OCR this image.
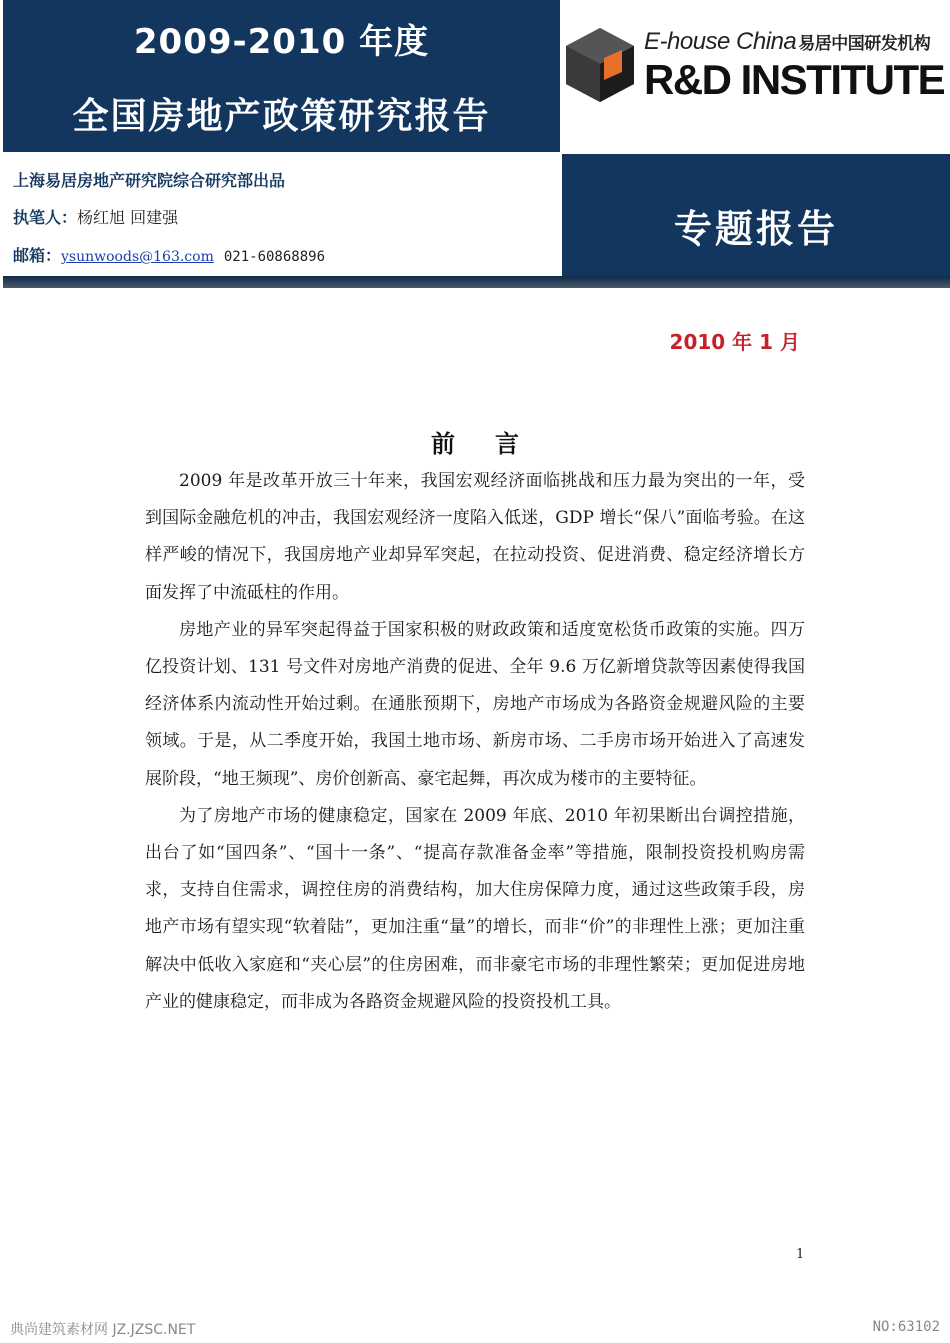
2009-2010 年度
全国房地产政策研究报告
E-house China 易居中国研发机构
R&D INSTITUTE
上海易居房地产研究院综合研究部出品
执笔人：杨红旭 回建强
邮箱：ysunwoods@163.com 021-60868896
专题报告
2010 年 1 月
前言

2009 年是改革开放三十年来，我国宏观经济面临挑战和压力最为突出的一年，受到国际金融危机的冲击，我国宏观经济一度陷入低迷，GDP 增长“保八”面临考验。在这样严峻的情况下，我国房地产业却异军突起，在拉动投资、促进消费、稳定经济增长方面发挥了中流砥柱的作用。

房地产业的异军突起得益于国家积极的财政政策和适度宽松货币政策的实施。四万亿投资计划、131 号文件对房地产消费的促进、全年 9.6 万亿新增贷款等因素使得我国经济体系内流动性开始过剩。在通胀预期下，房地产市场成为各路资金规避风险的主要领域。于是，从二季度开始，我国土地市场、新房市场、二手房市场开始进入了高速发展阶段，“地王频现”、房价创新高、豪宅起舞，再次成为楼市的主要特征。

为了房地产市场的健康稳定，国家在 2009 年底、2010 年初果断出台调控措施，出台了如“国四条”、“国十一条”、“提高存款准备金率”等措施，限制投资投机购房需求，支持自住需求，调控住房的消费结构，加大住房保障力度，通过这些政策手段，房地产市场有望实现“软着陆”，更加注重“量”的增长，而非“价”的非理性上涨；更加注重解决中低收入家庭和“夹心层”的住房困难，而非豪宅市场的非理性繁荣；更加促进房地产业的健康稳定，而非成为各路资金规避风险的投资投机工具。

1
典尚建筑素材网 JZ.JZSC.NET	NO:63102
